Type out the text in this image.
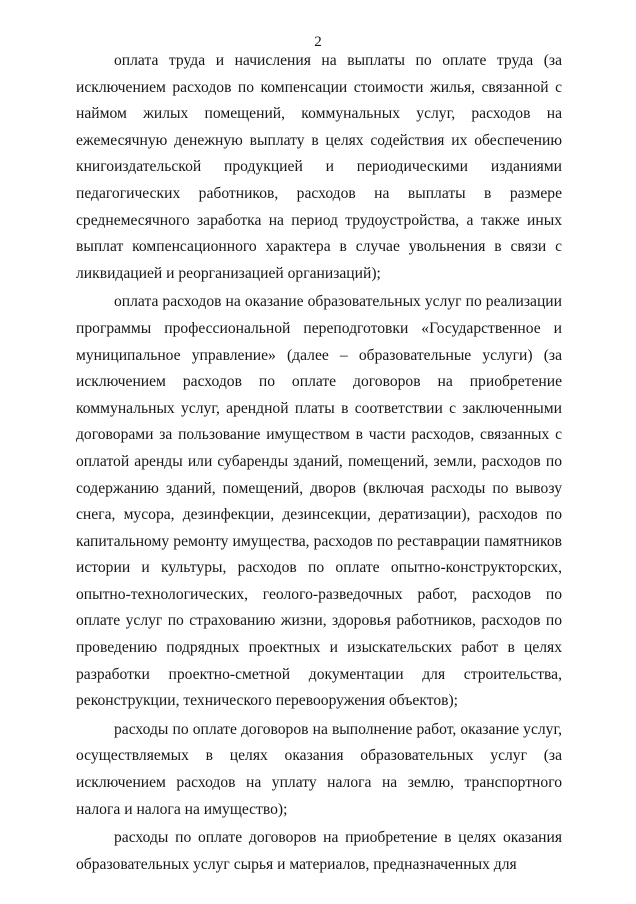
2

оплата труда и начисления на выплаты по оплате труда (за исключением расходов по компенсации стоимости жилья, связанной с наймом жилых помещений, коммунальных услуг, расходов на ежемесячную денежную выплату в целях содействия их обеспечению книгоиздательской продукцией и периодическими изданиями педагогических работников, расходов на выплаты в размере среднемесячного заработка на период трудоустройства, а также иных выплат компенсационного характера в случае увольнения в связи с ликвидацией и реорганизацией организаций);

оплата расходов на оказание образовательных услуг по реализации программы профессиональной переподготовки «Государственное и муниципальное управление» (далее – образовательные услуги) (за исключением расходов по оплате договоров на приобретение коммунальных услуг, арендной платы в соответствии с заключенными договорами за пользование имуществом в части расходов, связанных с оплатой аренды или субаренды зданий, помещений, земли, расходов по содержанию зданий, помещений, дворов (включая расходы по вывозу снега, мусора, дезинфекции, дезинсекции, дератизации), расходов по капитальному ремонту имущества, расходов по реставрации памятников истории и культуры, расходов по оплате опытно-конструкторских, опытно-технологических, геолого-разведочных работ, расходов по оплате услуг по страхованию жизни, здоровья работников, расходов по проведению подрядных проектных и изыскательских работ в целях разработки проектно-сметной документации для строительства, реконструкции, технического перевооружения объектов);

расходы по оплате договоров на выполнение работ, оказание услуг, осуществляемых в целях оказания образовательных услуг (за исключением расходов на уплату налога на землю, транспортного налога и налога на имущество);

расходы по оплате договоров на приобретение в целях оказания образовательных услуг сырья и материалов, предназначенных для
